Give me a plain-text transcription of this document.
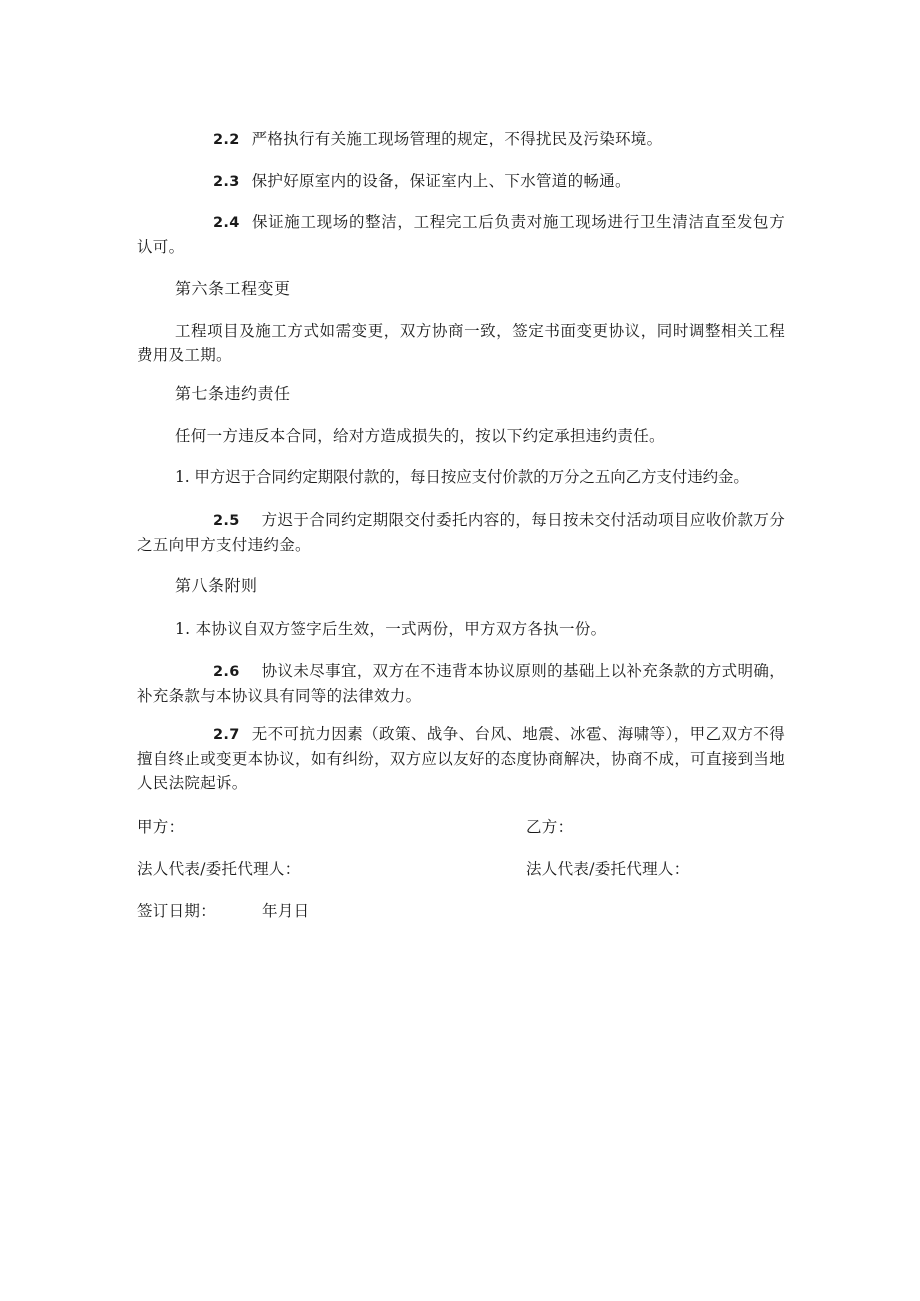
2.2 严格执行有关施工现场管理的规定，不得扰民及污染环境。

2.3 保护好原室内的设备，保证室内上、下水管道的畅通。

2.4 保证施工现场的整洁，工程完工后负责对施工现场进行卫生清洁直至发包方认可。

第六条工程变更

工程项目及施工方式如需变更，双方协商一致，签定书面变更协议，同时调整相关工程费用及工期。

第七条违约责任

任何一方违反本合同，给对方造成损失的，按以下约定承担违约责任。

1. 甲方迟于合同约定期限付款的，每日按应支付价款的万分之五向乙方支付违约金。

2.5 方迟于合同约定期限交付委托内容的，每日按未交付活动项目应收价款万分之五向甲方支付违约金。

第八条附则

1. 本协议自双方签字后生效，一式两份，甲方双方各执一份。

2.6 协议未尽事宜，双方在不违背本协议原则的基础上以补充条款的方式明确，补充条款与本协议具有同等的法律效力。

2.7 无不可抗力因素（政策、战争、台风、地震、冰雹、海啸等），甲乙双方不得擅自终止或变更本协议，如有纠纷，双方应以友好的态度协商解决，协商不成，可直接到当地人民法院起诉。

甲方：	乙方：

法人代表/委托代理人：	法人代表/委托代理人：

签订日期：	年月日
